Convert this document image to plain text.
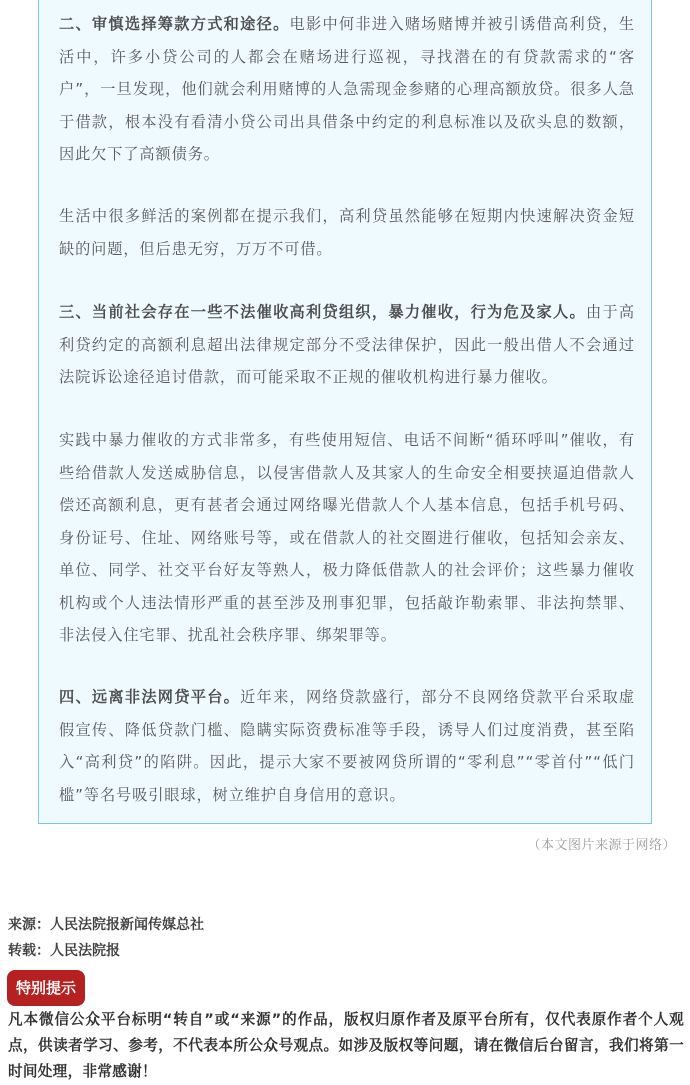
二、审慎选择筹款方式和途径。电影中何非进入赌场赌博并被引诱借高利贷，生活中，许多小贷公司的人都会在赌场进行巡视，寻找潜在的有贷款需求的“客户”，一旦发现，他们就会利用赌博的人急需现金参赌的心理高额放贷。很多人急于借款，根本没有看清小贷公司出具借条中约定的利息标准以及砍头息的数额，因此欠下了高额债务。

生活中很多鲜活的案例都在提示我们，高利贷虽然能够在短期内快速解决资金短缺的问题，但后患无穷，万万不可借。

三、当前社会存在一些不法催收高利贷组织，暴力催收，行为危及家人。由于高利贷约定的高额利息超出法律规定部分不受法律保护，因此一般出借人不会通过法院诉讼途径追讨借款，而可能采取不正规的催收机构进行暴力催收。

实践中暴力催收的方式非常多，有些使用短信、电话不间断“循环呼叫”催收，有些给借款人发送威胁信息，以侵害借款人及其家人的生命安全相要挟逼迫借款人偿还高额利息，更有甚者会通过网络曝光借款人个人基本信息，包括手机号码、身份证号、住址、网络账号等，或在借款人的社交圈进行催收，包括知会亲友、单位、同学、社交平台好友等熟人，极力降低借款人的社会评价；这些暴力催收机构或个人违法情形严重的甚至涉及刑事犯罪，包括敲诈勒索罪、非法拘禁罪、非法侵入住宅罪、扰乱社会秩序罪、绑架罪等。

四、远离非法网贷平台。近年来，网络贷款盛行，部分不良网络贷款平台采取虚假宣传、降低贷款门槛、隐瞒实际资费标准等手段，诱导人们过度消费，甚至陷入“高利贷”的陷阱。因此，提示大家不要被网贷所谓的“零利息”“零首付”“低门槛”等名号吸引眼球，树立维护自身信用的意识。

（本文图片来源于网络）
来源：人民法院报新闻传媒总社
转载：人民法院报
特别提示

凡本微信公众平台标明“转自”或“来源”的作品，版权归原作者及原平台所有，仅代表原作者个人观点，供读者学习、参考，不代表本所公众号观点。如涉及版权等问题，请在微信后台留言，我们将第一时间处理，非常感谢！
